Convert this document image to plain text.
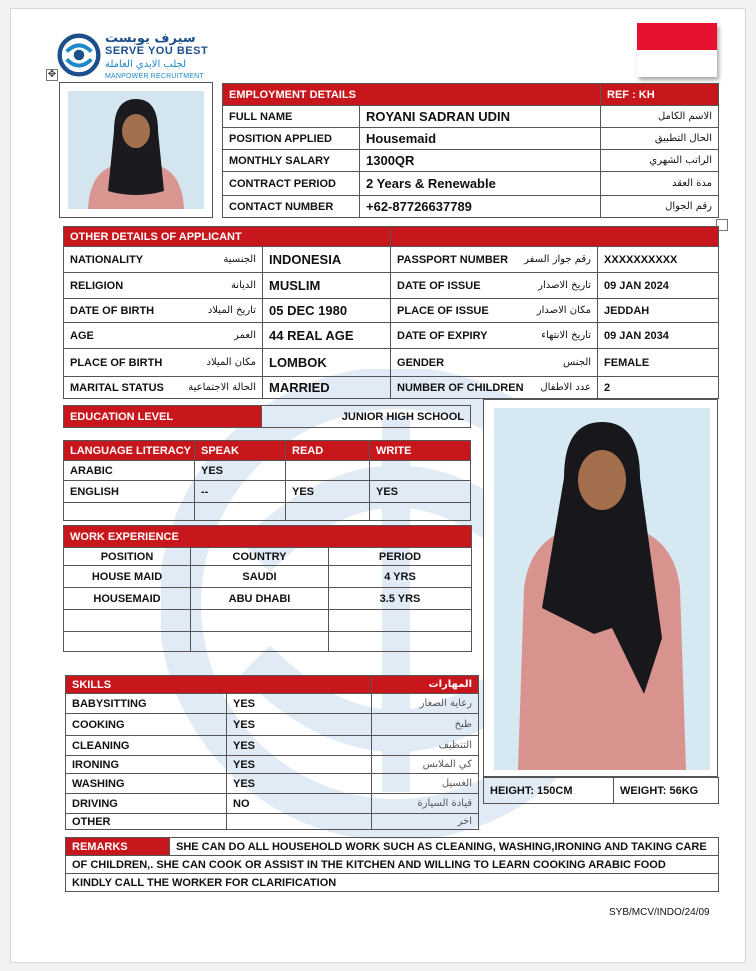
سيرف يوبست
SERVE YOU BEST
لجلب الايدي العاملة
MANPOWER RECRUITMENT
✥
EMPLOYMENT DETAILS		REF : KH
FULL NAME	ROYANI SADRAN UDIN	الاسم الكامل
POSITION APPLIED	Housemaid	الحال التطبيق
MONTHLY SALARY	1300QR	الراتب الشهري
CONTRACT PERIOD	2 Years & Renewable	مدة العقد
CONTACT NUMBER	+62-87726637789	رقم الجوال
OTHER DETAILS OF APPLICANT			
NATIONALITY الجنسية	INDONESIA	PASSPORT NUMBER رقم جواز السفر	XXXXXXXXXX
RELIGION الديانة	MUSLIM	DATE OF ISSUE تاريخ الاصدار	09 JAN 2024
DATE OF BIRTH تاريخ الميلاد	05 DEC 1980	PLACE OF ISSUE مكان الاصدار	JEDDAH
AGE العمر	44 REAL AGE	DATE OF EXPIRY تاريخ الانتهاء	09 JAN 2034
PLACE OF BIRTH مكان الميلاد	LOMBOK	GENDER الجنس	FEMALE
MARITAL STATUS الحالة الاجتماعية	MARRIED	NUMBER OF CHILDREN عدد الاطفال	2
EDUCATION LEVEL	JUNIOR HIGH SCHOOL
LANGUAGE LITERACY	SPEAK	READ	WRITE
ARABIC	YES		
ENGLISH	--	YES	YES

WORK EXPERIENCE		
POSITION	COUNTRY	PERIOD
HOUSE MAID	SAUDI	4 YRS
HOUSEMAID	ABU DHABI	3.5 YRS

SKILLS		المهارات
BABYSITTING	YES	رعاية الصغار
COOKING	YES	طبخ
CLEANING	YES	التنظيف
IRONING	YES	كي الملابس
WASHING	YES	الغسيل
DRIVING	NO	قيادة السيارة
OTHER		اخر
HEIGHT: 150CM	WEIGHT: 56KG
REMARKS	SHE CAN DO ALL HOUSEHOLD WORK SUCH AS CLEANING, WASHING,IRONING AND TAKING CARE
OF CHILDREN,. SHE CAN COOK OR ASSIST IN THE KITCHEN AND WILLING TO LEARN COOKING ARABIC FOOD
KINDLY CALL THE WORKER FOR CLARIFICATION
SYB/MCV/INDO/24/09
